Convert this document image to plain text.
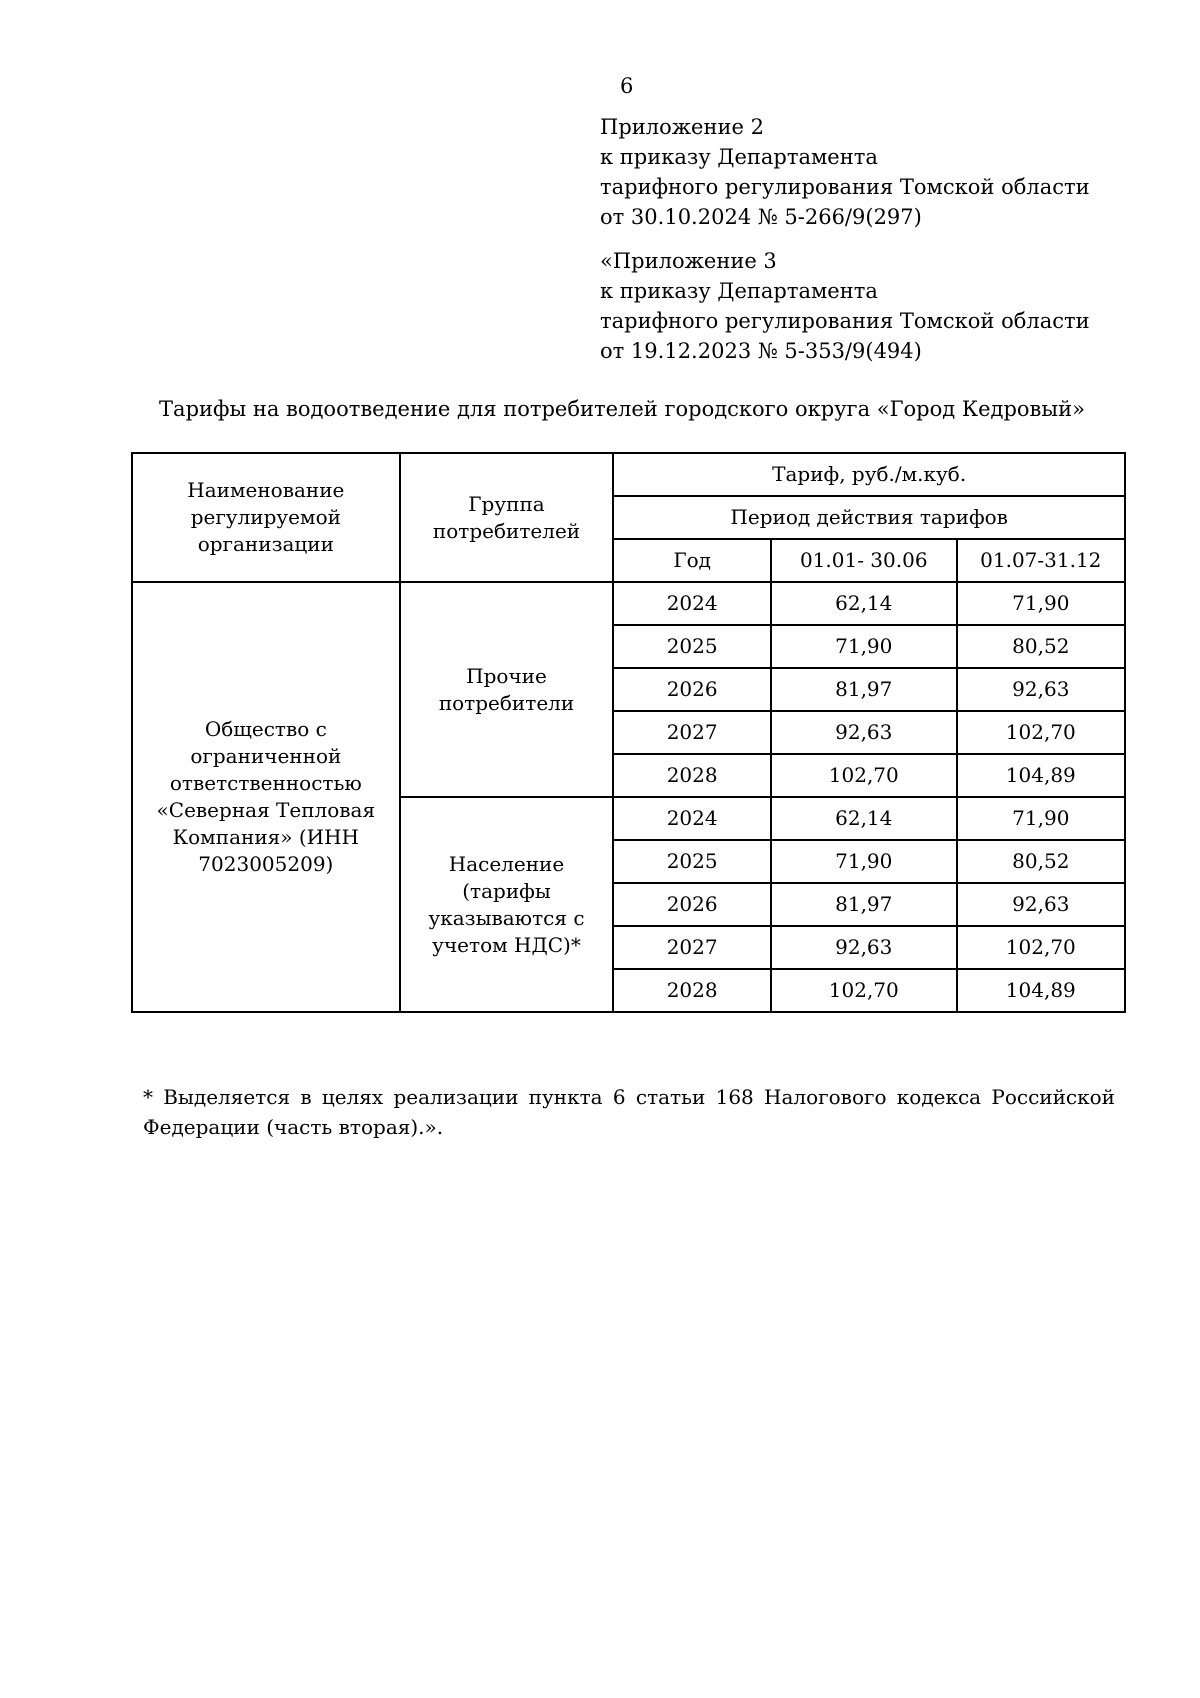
6
Приложение 2
к приказу Департамента
тарифного регулирования Томской области
от 30.10.2024 № 5-266/9(297)
«Приложение 3
к приказу Департамента
тарифного регулирования Томской области
от 19.12.2023 № 5-353/9(494)
Тарифы на водоотведение для потребителей городского округа «Город Кедровый»
Наименование регулируемой организации	Группа потребителей	Тариф, руб./м.куб.		
		Период действия тарифов		
		Год	01.01- 30.06	01.07-31.12
Общество с ограниченной ответственностью «Северная Тепловая Компания» (ИНН 7023005209)	Прочие потребители	2024	62,14	71,90
		2025	71,90	80,52
		2026	81,97	92,63
		2027	92,63	102,70
		2028	102,70	104,89
	Население (тарифы указываются с учетом НДС)*	2024	62,14	71,90
		2025	71,90	80,52
		2026	81,97	92,63
		2027	92,63	102,70
		2028	102,70	104,89
* Выделяется в целях реализации пункта 6 статьи 168 Налогового кодекса Российской Федерации (часть вторая).».
